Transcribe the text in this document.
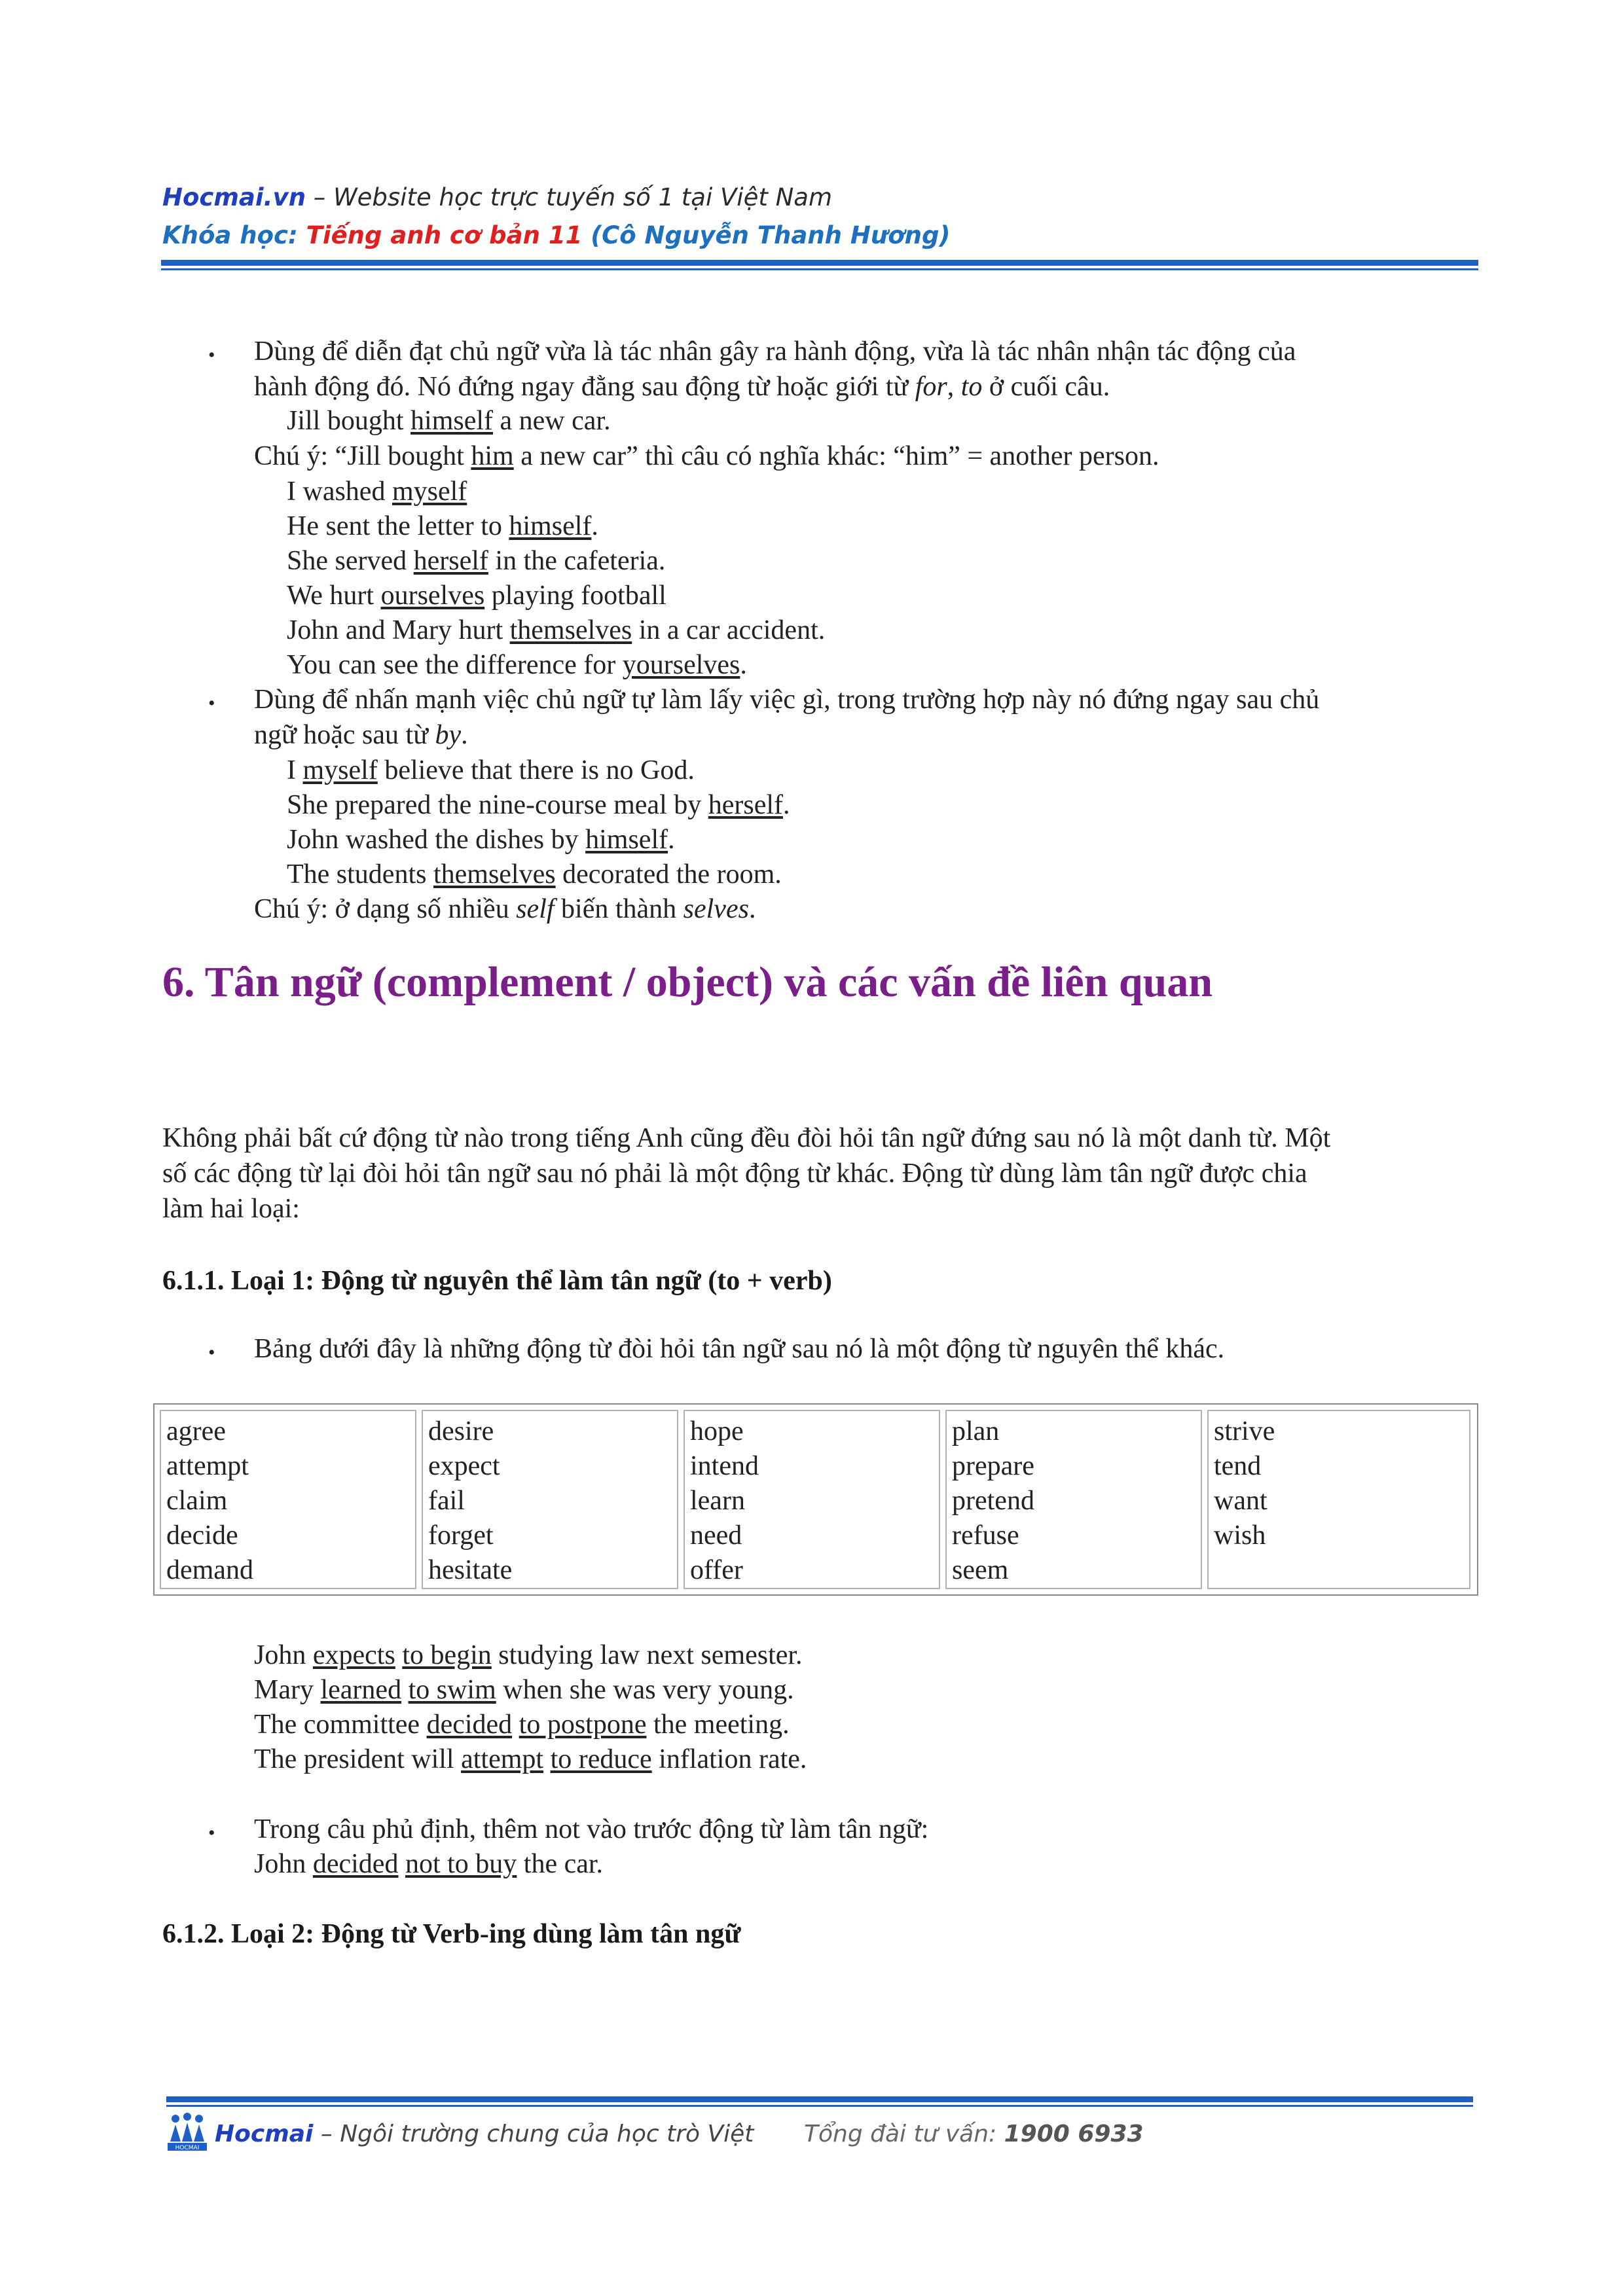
Hocmai.vn – Website học trực tuyến số 1 tại Việt Nam
Khóa học: Tiếng anh cơ bản 11 (Cô Nguyễn Thanh Hương)
• Dùng để diễn đạt chủ ngữ vừa là tác nhân gây ra hành động, vừa là tác nhân nhận tác động của
hành động đó. Nó đứng ngay đằng sau động từ hoặc giới từ for, to ở cuối câu.
Jill bought himself a new car.
Chú ý: “Jill bought him a new car” thì câu có nghĩa khác: “him” = another person.
I washed myself
He sent the letter to himself.
She served herself in the cafeteria.
We hurt ourselves playing football
John and Mary hurt themselves in a car accident.
You can see the difference for yourselves.
• Dùng để nhấn mạnh việc chủ ngữ tự làm lấy việc gì, trong trường hợp này nó đứng ngay sau chủ
ngữ hoặc sau từ by.
I myself believe that there is no God.
She prepared the nine-course meal by herself.
John washed the dishes by himself.
The students themselves decorated the room.
Chú ý: ở dạng số nhiều self biến thành selves.
6. Tân ngữ (complement / object) và các vấn đề liên quan
Không phải bất cứ động từ nào trong tiếng Anh cũng đều đòi hỏi tân ngữ đứng sau nó là một danh từ. Một
số các động từ lại đòi hỏi tân ngữ sau nó phải là một động từ khác. Động từ dùng làm tân ngữ được chia
làm hai loại:
6.1.1. Loại 1: Động từ nguyên thể làm tân ngữ (to + verb)
• Bảng dưới đây là những động từ đòi hỏi tân ngữ sau nó là một động từ nguyên thể khác.
agree
attempt
claim
decide
demand
desire
expect
fail
forget
hesitate
hope
intend
learn
need
offer
plan
prepare
pretend
refuse
seem
strive
tend
want
wish
John expects to begin studying law next semester.
Mary learned to swim when she was very young.
The committee decided to postpone the meeting.
The president will attempt to reduce inflation rate.
• Trong câu phủ định, thêm not vào trước động từ làm tân ngữ:
John decided not to buy the car.
6.1.2. Loại 2: Động từ Verb-ing dùng làm tân ngữ
HOCMAI
Hocmai – Ngôi trường chung của học trò Việt Tổng đài tư vấn: 1900 6933
